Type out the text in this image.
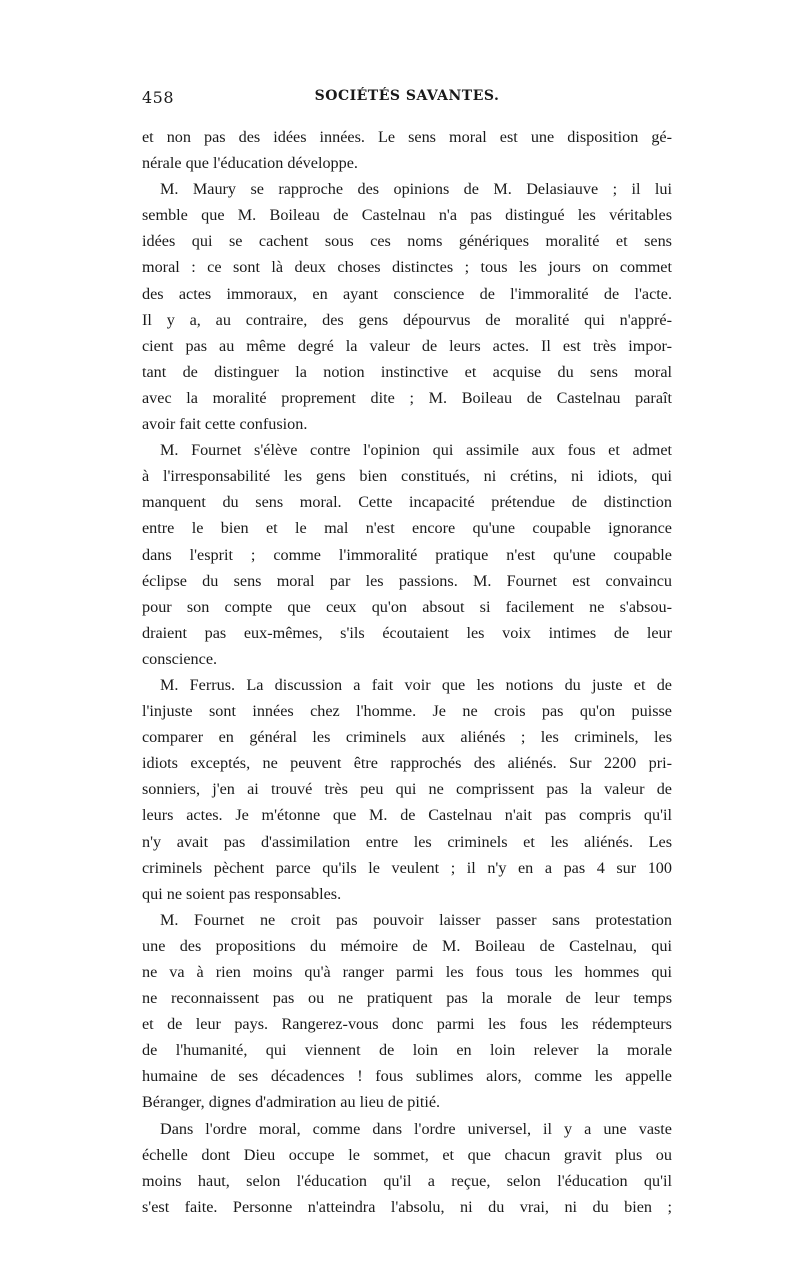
458	SOCIÉTÉS SAVANTES.
et non pas des idées innées. Le sens moral est une disposition gé-
nérale que l'éducation développe.
M. Maury se rapproche des opinions de M. Delasiauve ; il lui
semble que M. Boileau de Castelnau n'a pas distingué les véritables
idées qui se cachent sous ces noms génériques moralité et sens
moral : ce sont là deux choses distinctes ; tous les jours on commet
des actes immoraux, en ayant conscience de l'immoralité de l'acte.
Il y a, au contraire, des gens dépourvus de moralité qui n'appré-
cient pas au même degré la valeur de leurs actes. Il est très impor-
tant de distinguer la notion instinctive et acquise du sens moral
avec la moralité proprement dite ; M. Boileau de Castelnau paraît
avoir fait cette confusion.
M. Fournet s'élève contre l'opinion qui assimile aux fous et admet
à l'irresponsabilité les gens bien constitués, ni crétins, ni idiots, qui
manquent du sens moral. Cette incapacité prétendue de distinction
entre le bien et le mal n'est encore qu'une coupable ignorance
dans l'esprit ; comme l'immoralité pratique n'est qu'une coupable
éclipse du sens moral par les passions. M. Fournet est convaincu
pour son compte que ceux qu'on absout si facilement ne s'absou-
draient pas eux-mêmes, s'ils écoutaient les voix intimes de leur
conscience.
M. Ferrus. La discussion a fait voir que les notions du juste et de
l'injuste sont innées chez l'homme. Je ne crois pas qu'on puisse
comparer en général les criminels aux aliénés ; les criminels, les
idiots exceptés, ne peuvent être rapprochés des aliénés. Sur 2200 pri-
sonniers, j'en ai trouvé très peu qui ne comprissent pas la valeur de
leurs actes. Je m'étonne que M. de Castelnau n'ait pas compris qu'il
n'y avait pas d'assimilation entre les criminels et les aliénés. Les
criminels pèchent parce qu'ils le veulent ; il n'y en a pas 4 sur 100
qui ne soient pas responsables.
M. Fournet ne croit pas pouvoir laisser passer sans protestation
une des propositions du mémoire de M. Boileau de Castelnau, qui
ne va à rien moins qu'à ranger parmi les fous tous les hommes qui
ne reconnaissent pas ou ne pratiquent pas la morale de leur temps
et de leur pays. Rangerez-vous donc parmi les fous les rédempteurs
de l'humanité, qui viennent de loin en loin relever la morale
humaine de ses décadences ! fous sublimes alors, comme les appelle
Béranger, dignes d'admiration au lieu de pitié.
Dans l'ordre moral, comme dans l'ordre universel, il y a une vaste
échelle dont Dieu occupe le sommet, et que chacun gravit plus ou
moins haut, selon l'éducation qu'il a reçue, selon l'éducation qu'il
s'est faite. Personne n'atteindra l'absolu, ni du vrai, ni du bien ;
